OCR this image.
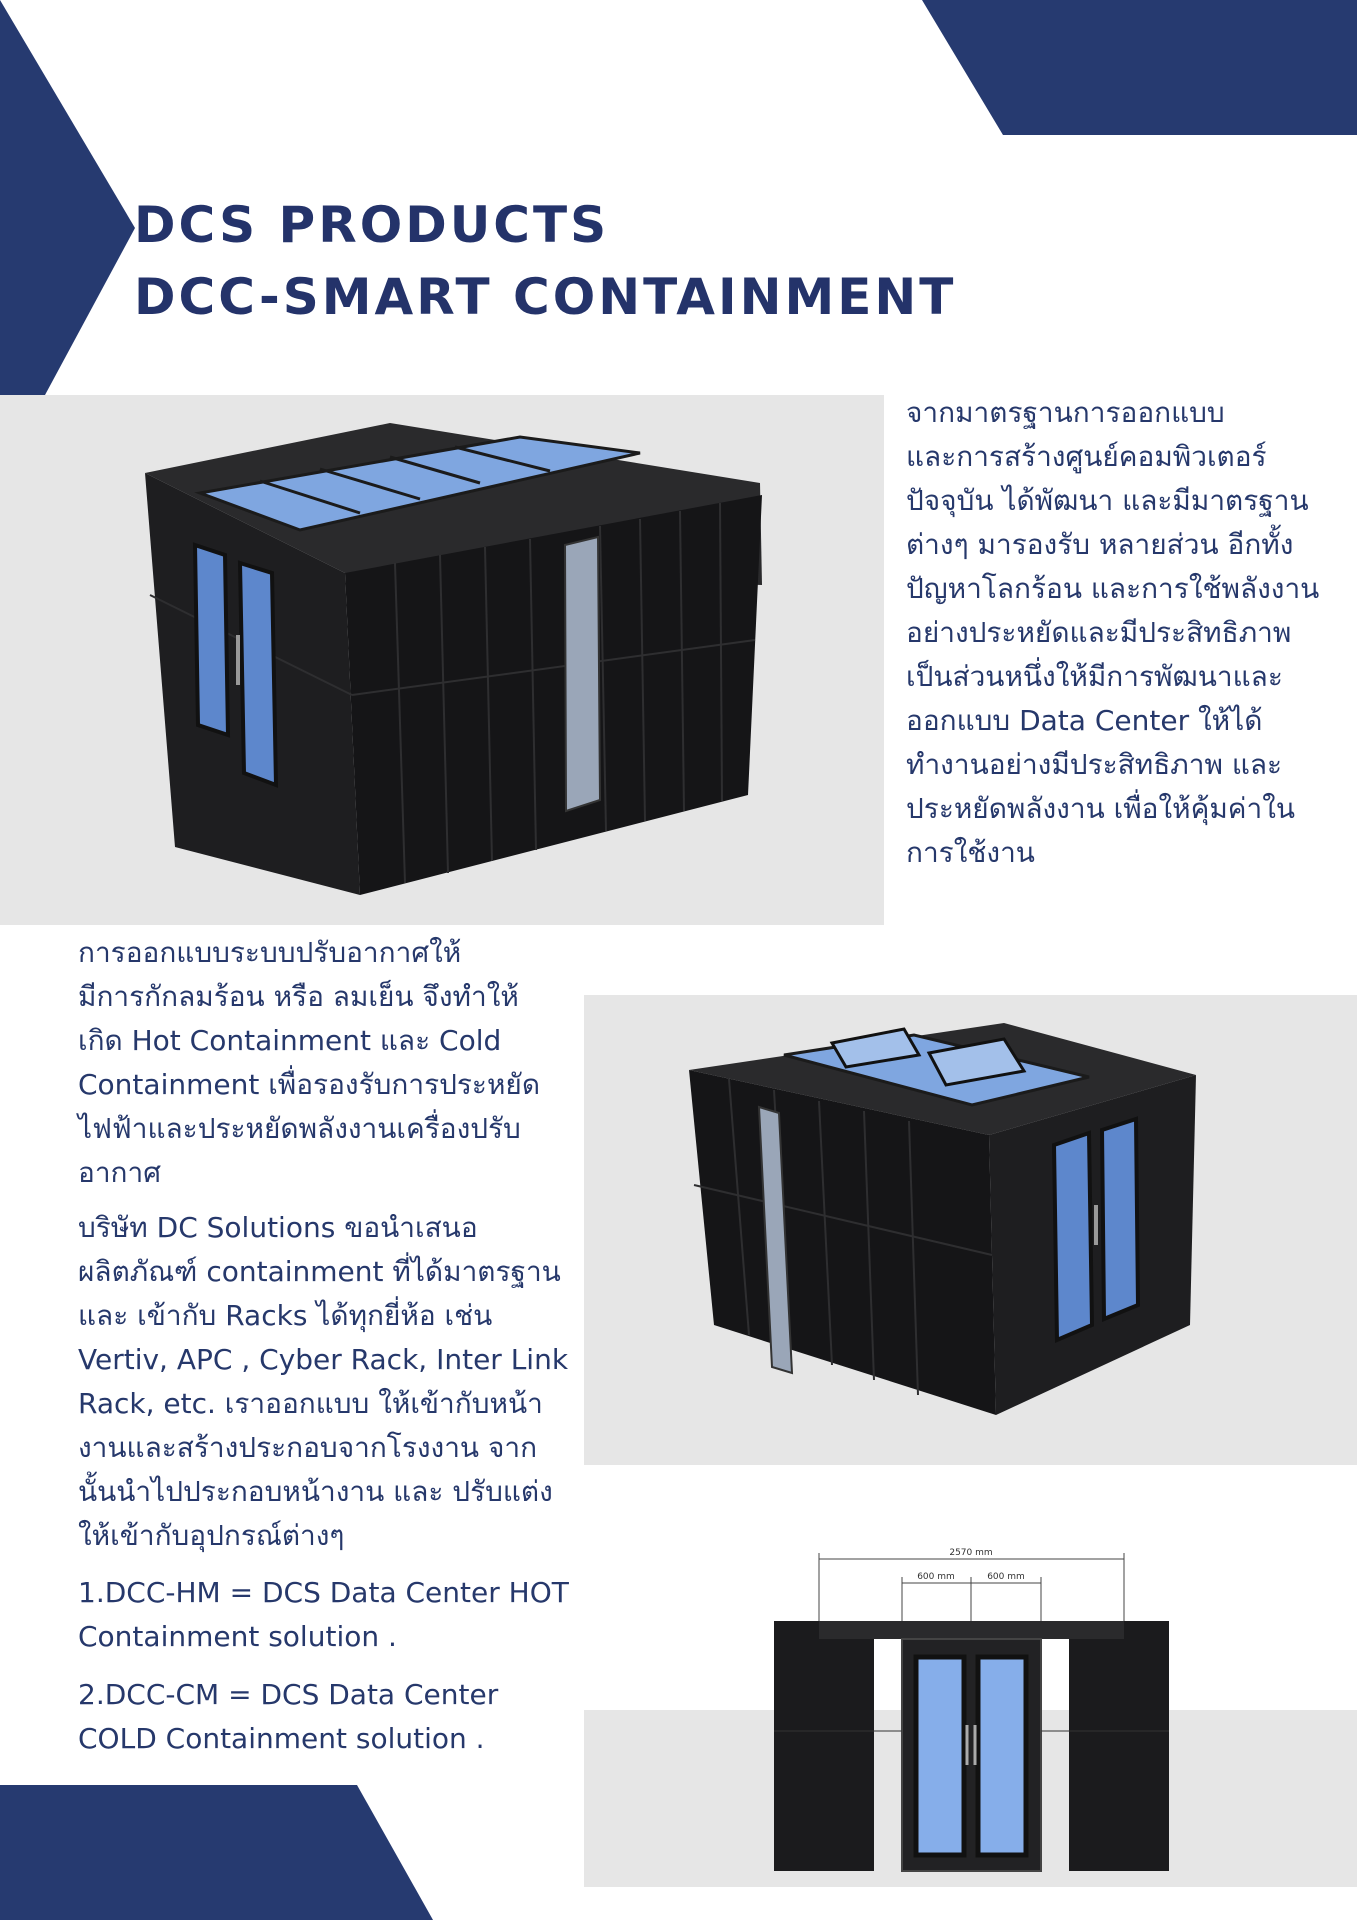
DCS PRODUCTS
DCC-SMART CONTAINMENT

จากมาตรฐานการออกแบบ
และการสร้างศูนย์คอมพิวเตอร์
ปัจจุบัน ได้พัฒนา และมีมาตรฐาน
ต่างๆ มารองรับ หลายส่วน อีกทั้ง
ปัญหาโลกร้อน และการใช้พลังงาน
อย่างประหยัดและมีประสิทธิภาพ
เป็นส่วนหนึ่งให้มีการพัฒนาและ
ออกแบบ Data Center ให้ได้
ทำงานอย่างมีประสิทธิภาพ และ
ประหยัดพลังงาน เพื่อให้คุ้มค่าใน
การใช้งาน

การออกแบบระบบปรับอากาศให้
มีการกักลมร้อน หรือ ลมเย็น จึงทำให้
เกิด Hot Containment และ Cold
Containment เพื่อรองรับการประหยัด
ไฟฟ้าและประหยัดพลังงานเครื่องปรับ
อากาศ

บริษัท DC Solutions ขอนำเสนอ
ผลิตภัณฑ์ containment ที่ได้มาตรฐาน
และ เข้ากับ Racks ได้ทุกยี่ห้อ เช่น
Vertiv, APC , Cyber Rack, Inter Link
Rack, etc. เราออกแบบ ให้เข้ากับหน้า
งานและสร้างประกอบจากโรงงาน จาก
นั้นนำไปประกอบหน้างาน และ ปรับแต่ง
ให้เข้ากับอุปกรณ์ต่างๆ

1.DCC-HM = DCS Data Center HOT
Containment solution .

2.DCC-CM = DCS Data Center
COLD Containment solution .

2570 mm
600 mm	600 mm
